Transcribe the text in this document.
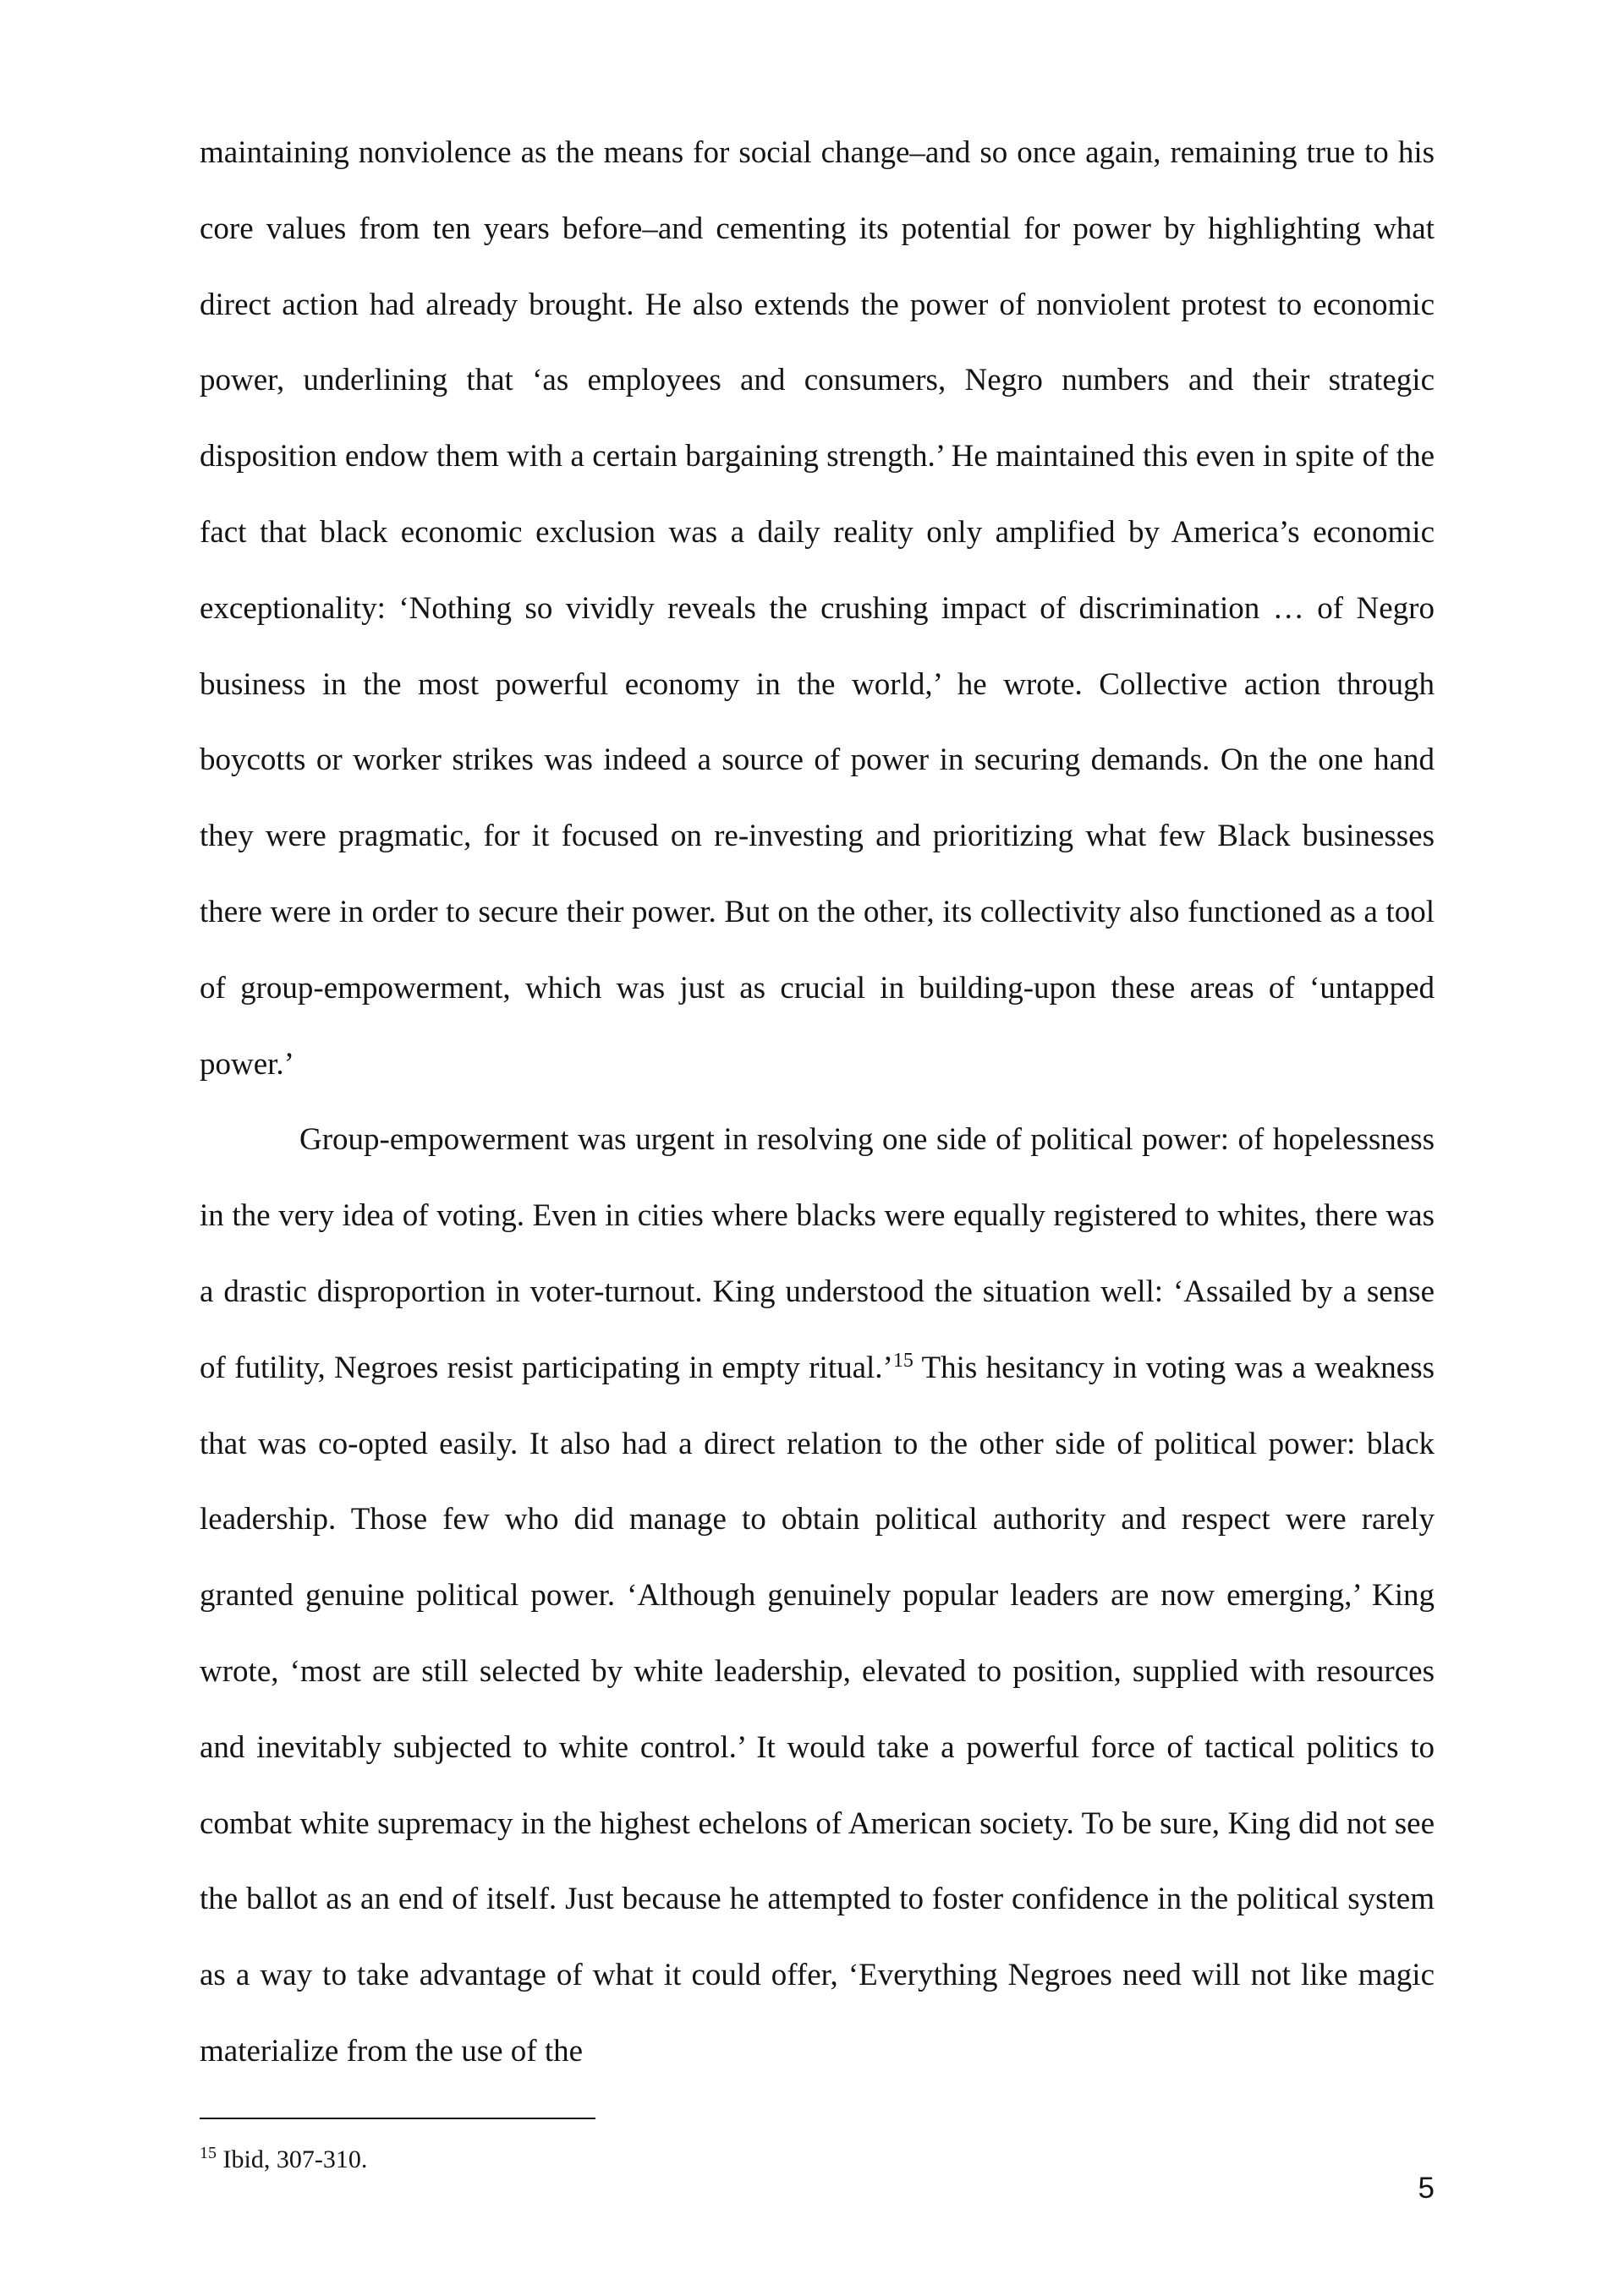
maintaining nonviolence as the means for social change–and so once again, remaining true to his core values from ten years before–and cementing its potential for power by highlighting what direct action had already brought. He also extends the power of nonviolent protest to economic power, underlining that ‘as employees and consumers, Negro numbers and their strategic disposition endow them with a certain bargaining strength.’ He maintained this even in spite of the fact that black economic exclusion was a daily reality only amplified by America’s economic exceptionality: ‘Nothing so vividly reveals the crushing impact of discrimination … of Negro business in the most powerful economy in the world,’ he wrote. Collective action through boycotts or worker strikes was indeed a source of power in securing demands. On the one hand they were pragmatic, for it focused on re-investing and prioritizing what few Black businesses there were in order to secure their power. But on the other, its collectivity also functioned as a tool of group-empowerment, which was just as crucial in building-upon these areas of ‘untapped power.’

Group-empowerment was urgent in resolving one side of political power: of hopelessness in the very idea of voting. Even in cities where blacks were equally registered to whites, there was a drastic disproportion in voter-turnout. King understood the situation well: ‘Assailed by a sense of futility, Negroes resist participating in empty ritual.’$^{15}$ This hesitancy in voting was a weakness that was co-opted easily. It also had a direct relation to the other side of political power: black leadership. Those few who did manage to obtain political authority and respect were rarely granted genuine political power. ‘Although genuinely popular leaders are now emerging,’ King wrote, ‘most are still selected by white leadership, elevated to position, supplied with resources and inevitably subjected to white control.’ It would take a powerful force of tactical politics to combat white supremacy in the highest echelons of American society. To be sure, King did not see the ballot as an end of itself. Just because he attempted to foster confidence in the political system as a way to take advantage of what it could offer, ‘Everything Negroes need will not like magic materialize from the use of the

$^{15}$ Ibid, 307-310.

5
